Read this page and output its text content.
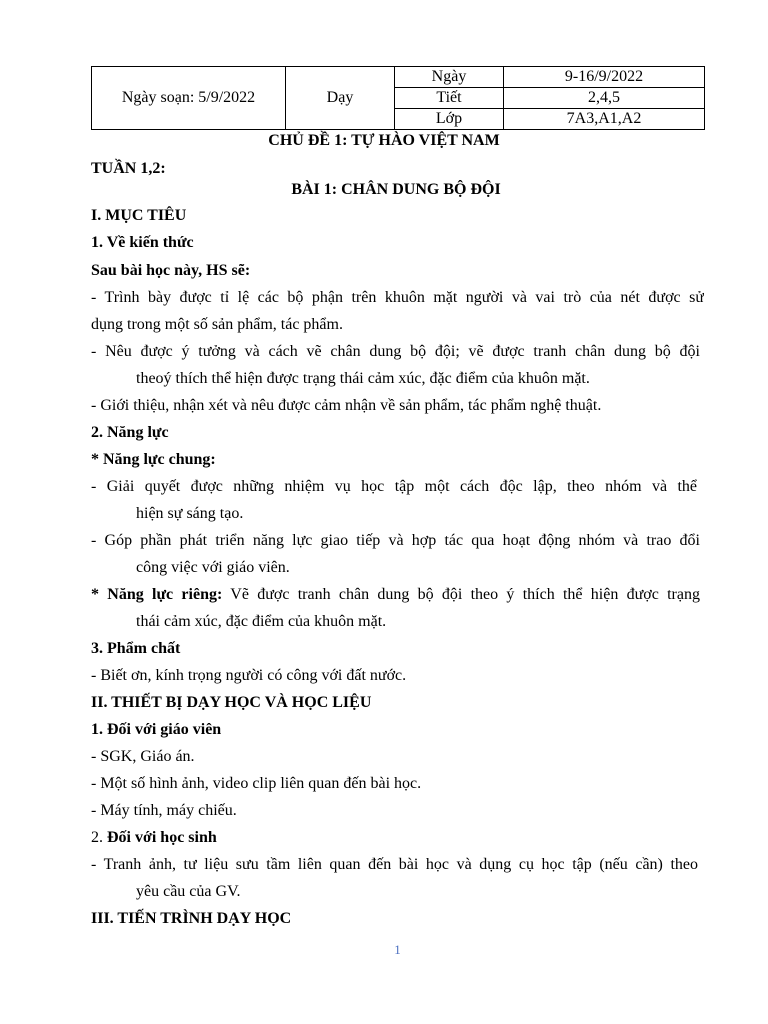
Ngày soạn: 5/9/2022	Dạy	Ngày	9-16/9/2022
		Tiết	2,4,5
		Lớp	7A3,A1,A2
CHỦ ĐỀ 1: TỰ HÀO VIỆT NAM
TUẦN 1,2:
BÀI 1: CHÂN DUNG BỘ ĐỘI
I. MỤC TIÊU
1. Về kiến thức
Sau bài học này, HS sẽ:
- Trình bày được tỉ lệ các bộ phận trên khuôn mặt người và vai trò của nét được sử
dụng trong một số sản phẩm, tác phẩm.
- Nêu được ý tưởng và cách vẽ chân dung bộ đội; vẽ được tranh chân dung bộ đội
theoý thích thể hiện được trạng thái cảm xúc, đặc điểm của khuôn mặt.
- Giới thiệu, nhận xét và nêu được cảm nhận về sản phẩm, tác phẩm nghệ thuật.
2. Năng lực
* Năng lực chung:
- Giải quyết được những nhiệm vụ học tập một cách độc lập, theo nhóm và thể
hiện sự sáng tạo.
- Góp phần phát triển năng lực giao tiếp và hợp tác qua hoạt động nhóm và trao đổi
công việc với giáo viên.
* Năng lực riêng: Vẽ được tranh chân dung bộ đội theo ý thích thể hiện được trạng
thái cảm xúc, đặc điểm của khuôn mặt.
3. Phẩm chất
- Biết ơn, kính trọng người có công với đất nước.
II. THIẾT BỊ DẠY HỌC VÀ HỌC LIỆU
1. Đối với giáo viên
- SGK, Giáo án.
- Một số hình ảnh, video clip liên quan đến bài học.
- Máy tính, máy chiếu.
2. Đối với học sinh
- Tranh ảnh, tư liệu sưu tầm liên quan đến bài học và dụng cụ học tập (nếu cần) theo
yêu cầu của GV.
III. TIẾN TRÌNH DẠY HỌC
1
